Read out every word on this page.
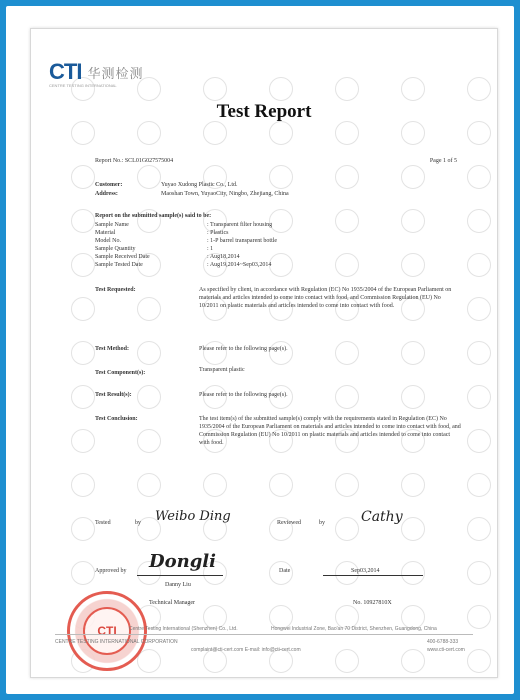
CTI 华测检测
CENTRE TESTING INTERNATIONAL
Test Report
Report No.: SCL01G027575004	Page 1 of 5
Customer:	Yuyao Xudong Plastic Co., Ltd.
Address:	Maoshan Town, YuyaoCity, Ningbo, Zhejiang, China
Report on the submitted sample(s) said to be:
Sample Name	: Transparent filter housing
Material	: Plastics
Model No.	: 1-P barrel transparent bottle
Sample Quantity	: 1
Sample Received Date	: Aug18,2014
Sample Tested Date	: Aug19,2014~Sep03,2014
Test Requested:	As specified by client, in accordance with Regulation (EC) No 1935/2004 of the European Parliament on materials and articles intended to come into contact with food, and Commission Regulation (EU) No 10/2011 on plastic materials and articles intended to come into contact with food.
Test Method:	Please refer to the following page(s).
Test Component(s):	Transparent plastic
Test Result(s):	Please refer to the following page(s).
Test Conclusion:	The test item(s) of the submitted sample(s) comply with the requirements stated in Regulation (EC) No 1935/2004 of the European Parliament on materials and articles intended to come into contact with food, and Commission Regulation (EU) No 10/2011 on plastic materials and articles intended to come into contact with food.
Tested	by Weibo Ding	Reviewed	by	Cathy
Approved by Dongli	Date	Sep03,2014
Danny Liu
Technical Manager	No. 10927810X
CTI	Centre Testing International (Shenzhen) Co., Ltd.	Hongwei Industrial Zone, Bao'an 70 District, Shenzhen, Guangdong, China
CENTRE TESTING INTERNATIONAL CORPORATION
complaint@cti-cert.com E-mail: info@cti-cert.com
400-6788-333
www.cti-cert.com
